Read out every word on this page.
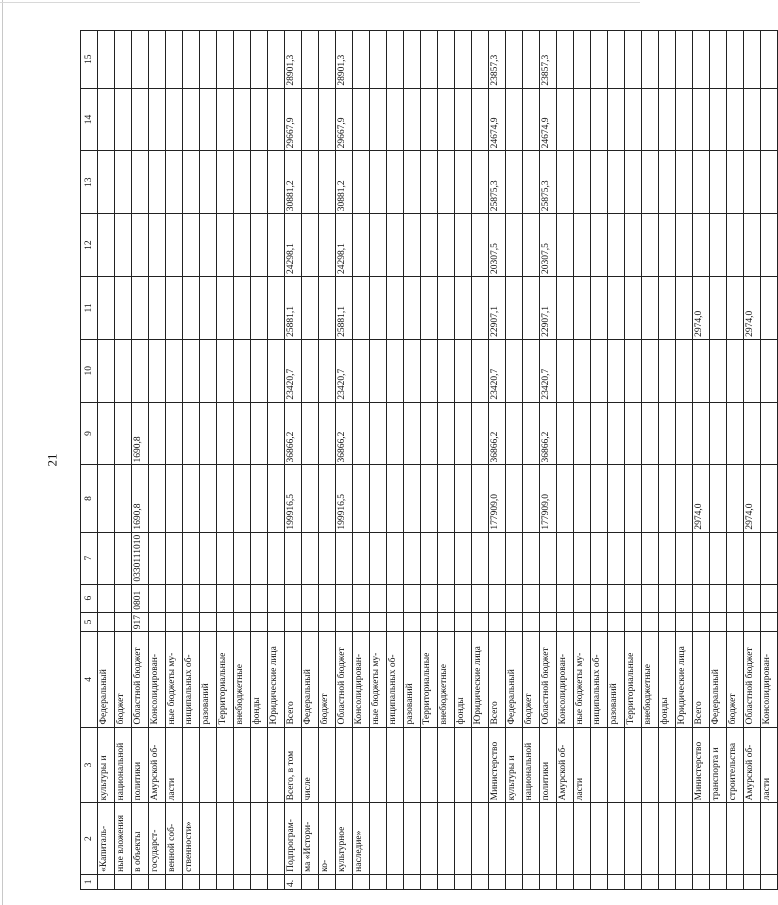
21
1	2	3	4	5	6	7	8	9	10	11	12	13	14	15
	«Капиталь-	культуры и	Федеральный											
	ные вложения	национальной	бюджет											
	в объекты	политики	Областной бюджет	917	0801	0330111010	1690,8	1690,8						
	государст-	Амурской об-	Консолидирован-											
	венной соб-	ласти	ные бюджеты му-											
	ственности»		ниципальных об-											
			разований											
			Территориальные											
			внебюджетные											
			фонды											
			Юридические лица											
4.	Подпрограм-	Всего, в том	Всего				199916,5	36866,2	23420,7	25881,1	24298,1	30881,2	29667,9	28901,3
	ма «Истори-	числе	Федеральный											
	ко-		бюджет											
	культурное		Областной бюджет				199916,5	36866,2	23420,7	25881,1	24298,1	30881,2	29667,9	28901,3
	наследие»		Консолидирован-											
			ные бюджеты му-											
			ниципальных об-											
			разований											
			Территориальные											
			внебюджетные											
			фонды											
			Юридические лица											
		Министерство	Всего				177909,0	36866,2	23420,7	22907,1	20307,5	25875,3	24674,9	23857,3
		культуры и	Федеральный											
		национальной	бюджет											
		политики	Областной бюджет				177909,0	36866,2	23420,7	22907,1	20307,5	25875,3	24674,9	23857,3
		Амурской об-	Консолидирован-											
		ласти	ные бюджеты му-											
			ниципальных об-											
			разований											
			Территориальные											
			внебюджетные											
			фонды											
			Юридические лица											
		Министерство	Всего				2974,0			2974,0				
		транспорта и	Федеральный											
		строительства	бюджет											
		Амурской об-	Областной бюджет				2974,0			2974,0				
		ласти	Консолидирован-											
